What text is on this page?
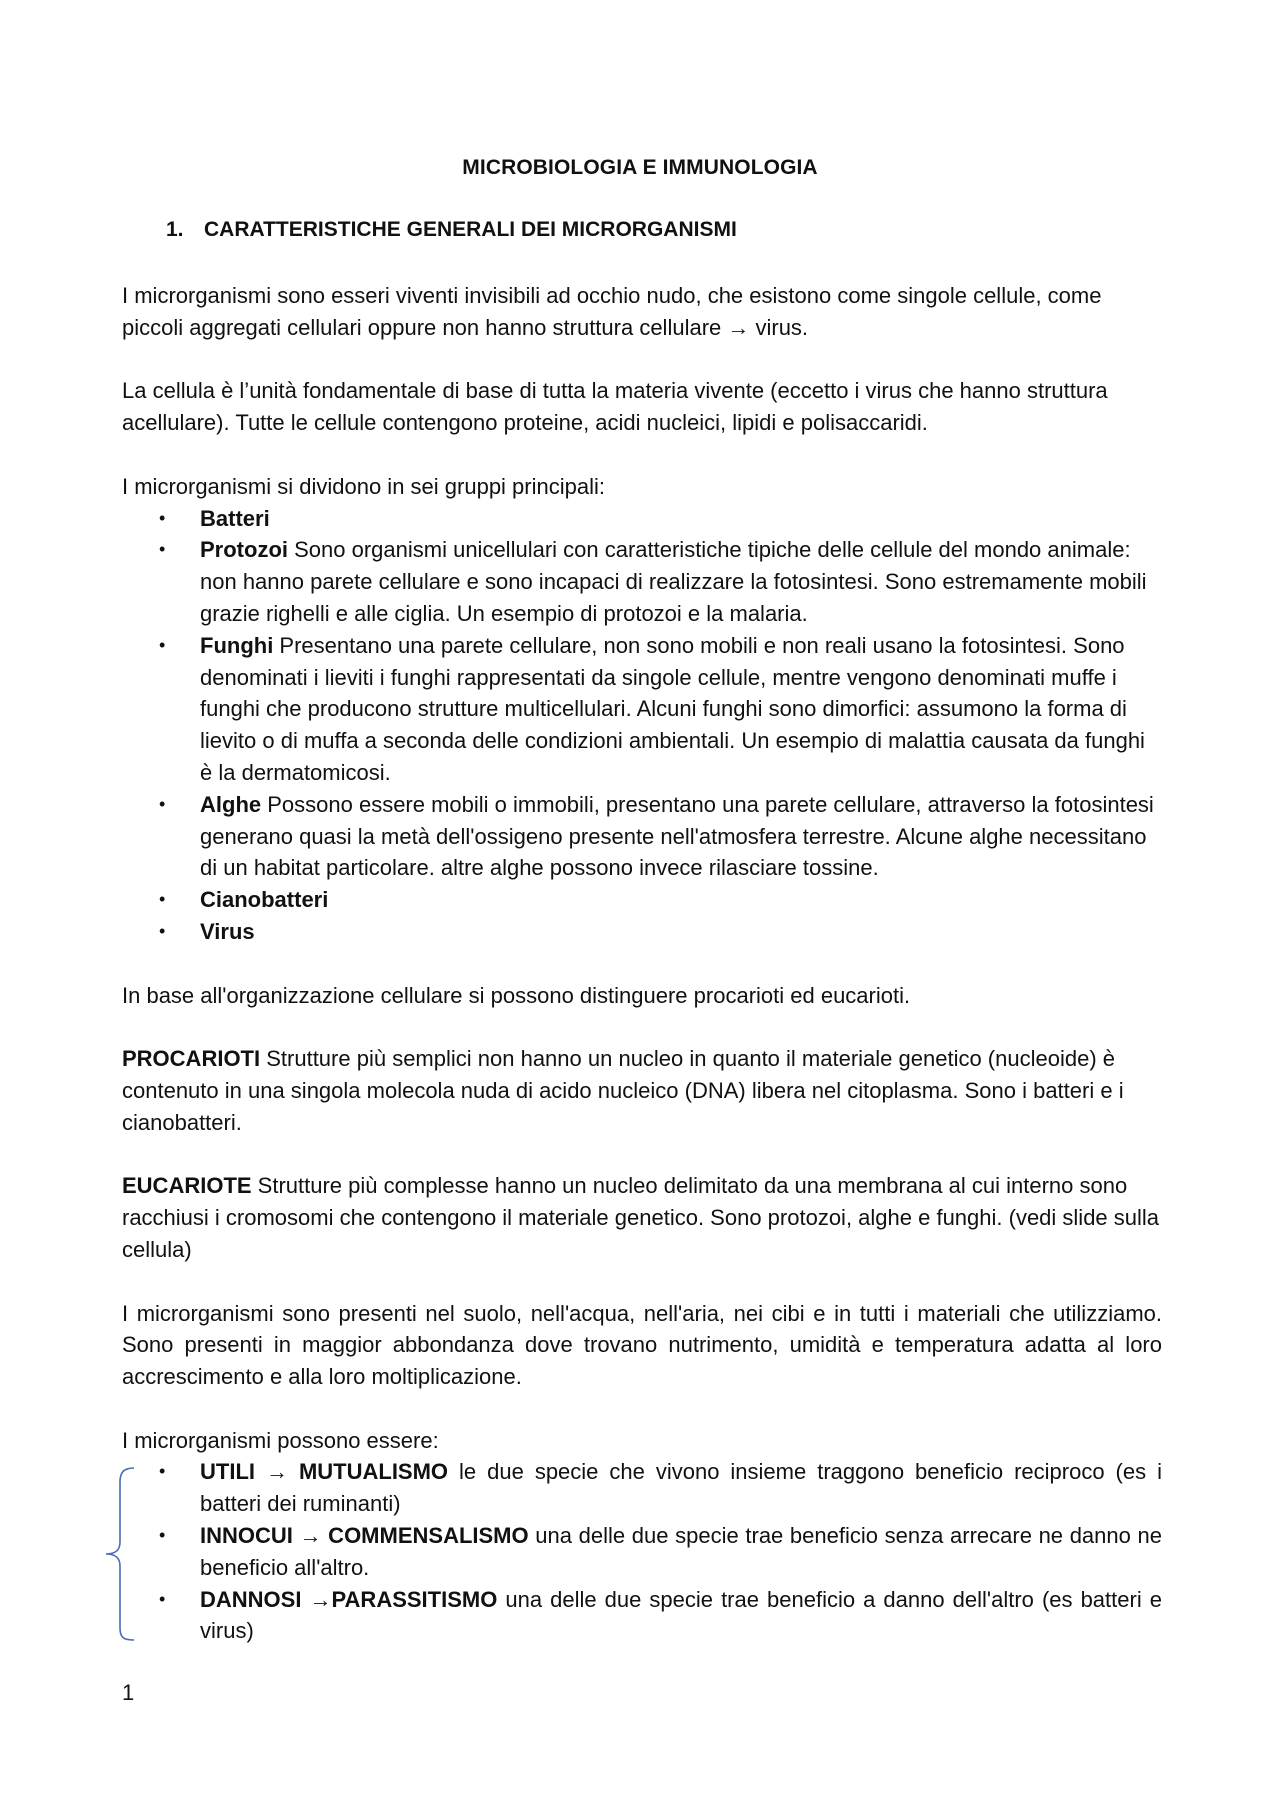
MICROBIOLOGIA E IMMUNOLOGIA
1. CARATTERISTICHE GENERALI DEI MICRORGANISMI

I microrganismi sono esseri viventi invisibili ad occhio nudo, che esistono come singole cellule, come piccoli aggregati cellulari oppure non hanno struttura cellulare → virus.

La cellula è l’unità fondamentale di base di tutta la materia vivente (eccetto i virus che hanno struttura acellulare). Tutte le cellule contengono proteine, acidi nucleici, lipidi e polisaccaridi.

I microrganismi si dividono in sei gruppi principali:

• Batteri
• Protozoi Sono organismi unicellulari con caratteristiche tipiche delle cellule del mondo animale: non hanno parete cellulare e sono incapaci di realizzare la fotosintesi. Sono estremamente mobili grazie righelli e alle ciglia. Un esempio di protozoi e la malaria.
• Funghi Presentano una parete cellulare, non sono mobili e non reali usano la fotosintesi. Sono denominati i lieviti i funghi rappresentati da singole cellule, mentre vengono denominati muffe i funghi che producono strutture multicellulari. Alcuni funghi sono dimorfici: assumono la forma di lievito o di muffa a seconda delle condizioni ambientali. Un esempio di malattia causata da funghi è la dermatomicosi.
• Alghe Possono essere mobili o immobili, presentano una parete cellulare, attraverso la fotosintesi generano quasi la metà dell'ossigeno presente nell'atmosfera terrestre. Alcune alghe necessitano di un habitat particolare. altre alghe possono invece rilasciare tossine.
• Cianobatteri
• Virus

In base all'organizzazione cellulare si possono distinguere procarioti ed eucarioti.

PROCARIOTI Strutture più semplici non hanno un nucleo in quanto il materiale genetico (nucleoide) è contenuto in una singola molecola nuda di acido nucleico (DNA) libera nel citoplasma. Sono i batteri e i cianobatteri.

EUCARIOTE Strutture più complesse hanno un nucleo delimitato da una membrana al cui interno sono racchiusi i cromosomi che contengono il materiale genetico. Sono protozoi, alghe e funghi. (vedi slide sulla cellula)

I microrganismi sono presenti nel suolo, nell'acqua, nell'aria, nei cibi e in tutti i materiali che utilizziamo. Sono presenti in maggior abbondanza dove trovano nutrimento, umidità e temperatura adatta al loro accrescimento e alla loro moltiplicazione.

I microrganismi possono essere:

• UTILI → MUTUALISMO le due specie che vivono insieme traggono beneficio reciproco (es i batteri dei ruminanti)
• INNOCUI → COMMENSALISMO una delle due specie trae beneficio senza arrecare ne danno ne beneficio all'altro.
• DANNOSI →PARASSITISMO una delle due specie trae beneficio a danno dell'altro (es batteri e virus)
1
